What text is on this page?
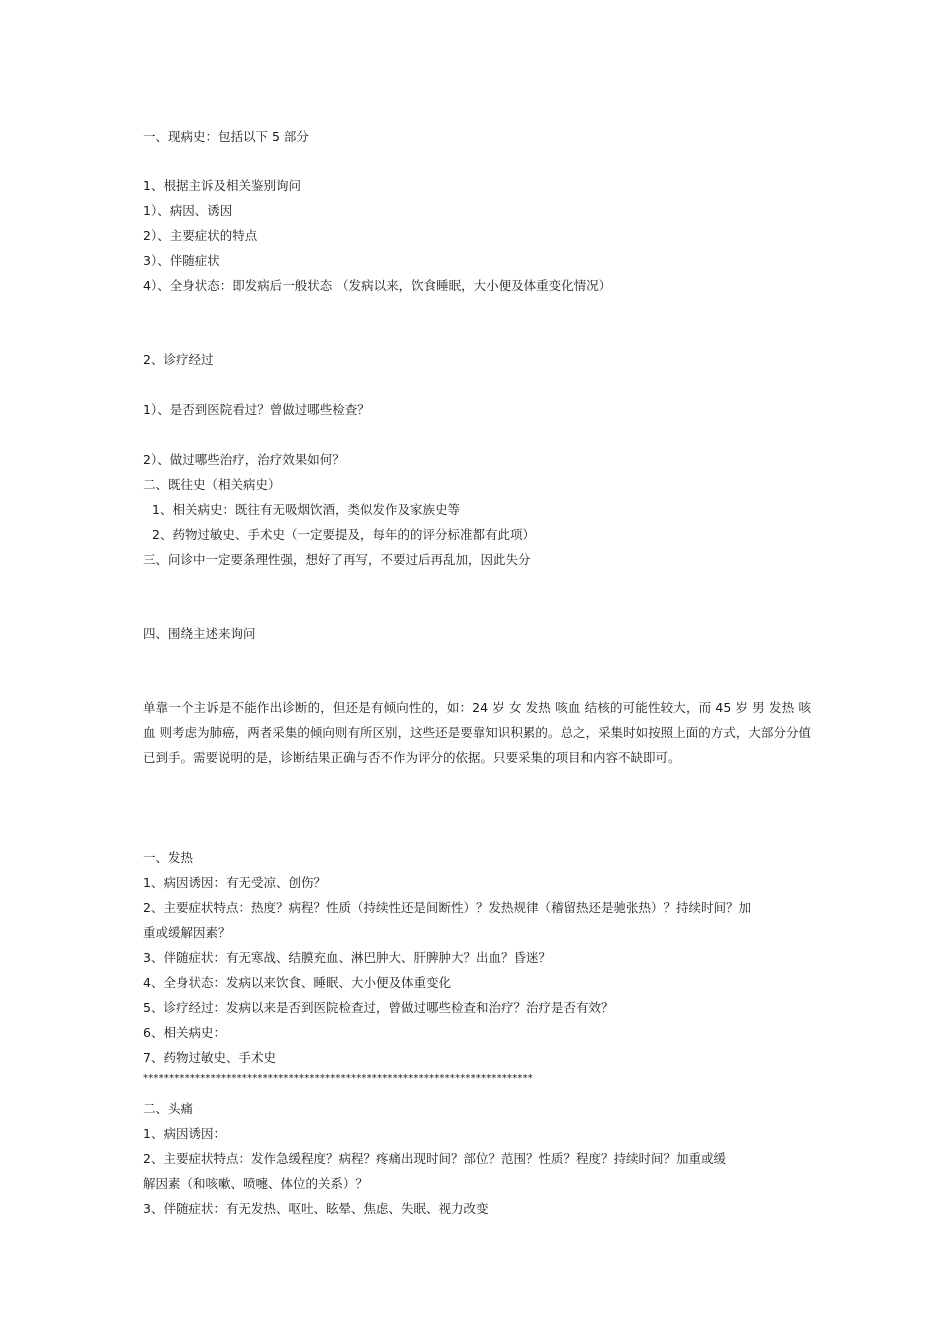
一、现病史：包括以下 5 部分
1、根据主诉及相关鉴别询问
1）、病因、诱因
2）、主要症状的特点
3）、伴随症状
4）、全身状态：即发病后一般状态 （发病以来，饮食睡眠，大小便及体重变化情况）
2、诊疗经过
1）、是否到医院看过？曾做过哪些检查？
2）、做过哪些治疗，治疗效果如何？
二、既往史（相关病史）
1、相关病史：既往有无吸烟饮酒，类似发作及家族史等
2、药物过敏史、手术史（一定要提及，每年的的评分标准都有此项）
三、问诊中一定要条理性强，想好了再写，不要过后再乱加，因此失分
四、围绕主述来询问
单靠一个主诉是不能作出诊断的，但还是有倾向性的，如：24 岁 女 发热 咳血 结核的可能性较大，而 45 岁 男 发热 咳血 则考虑为肺癌，两者采集的倾向则有所区别，这些还是要靠知识积累的。总之，采集时如按照上面的方式，大部分分值已到手。需要说明的是，诊断结果正确与否不作为评分的依据。只要采集的项目和内容不缺即可。
一、发热
1、病因诱因：有无受凉、创伤？
2、主要症状特点：热度？病程？性质（持续性还是间断性）？发热规律（稽留热还是驰张热）？持续时间？加
重或缓解因素？
3、伴随症状：有无寒战、结膜充血、淋巴肿大、肝脾肿大？出血？昏迷？
4、全身状态：发病以来饮食、睡眠、大小便及体重变化
5、诊疗经过：发病以来是否到医院检查过，曾做过哪些检查和治疗？治疗是否有效？
6、相关病史：
7、药物过敏史、手术史
***************************************************************************
二、头痛
1、病因诱因：
2、主要症状特点：发作急缓程度？病程？疼痛出现时间？部位？范围？性质？程度？持续时间？加重或缓
解因素（和咳嗽、喷嚏、体位的关系）？
3、伴随症状：有无发热、呕吐、眩晕、焦虑、失眠、视力改变
